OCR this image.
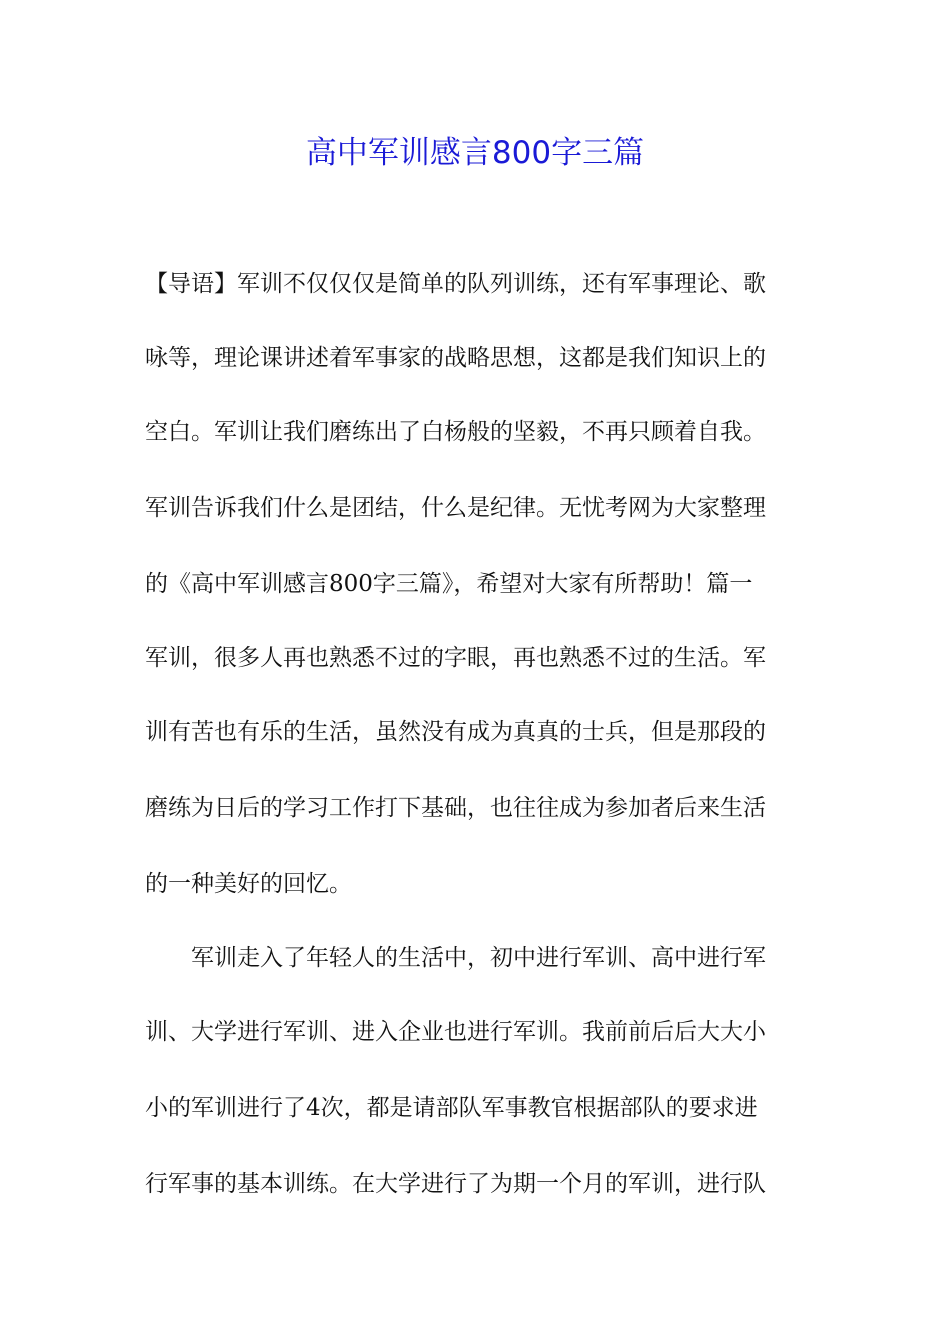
高中军训感言800字三篇
【导语】军训不仅仅仅是简单的队列训练，还有军事理论、歌
咏等，理论课讲述着军事家的战略思想，这都是我们知识上的
空白。军训让我们磨练出了白杨般的坚毅，不再只顾着自我。
军训告诉我们什么是团结，什么是纪律。无忧考网为大家整理
的《高中军训感言800字三篇》，希望对大家有所帮助！篇一
军训，很多人再也熟悉不过的字眼，再也熟悉不过的生活。军
训有苦也有乐的生活，虽然没有成为真真的士兵，但是那段的
磨练为日后的学习工作打下基础，也往往成为参加者后来生活
的一种美好的回忆。
　　军训走入了年轻人的生活中，初中进行军训、高中进行军
训、大学进行军训、进入企业也进行军训。我前前后后大大小
小的军训进行了4次，都是请部队军事教官根据部队的要求进
行军事的基本训练。在大学进行了为期一个月的军训，进行队
